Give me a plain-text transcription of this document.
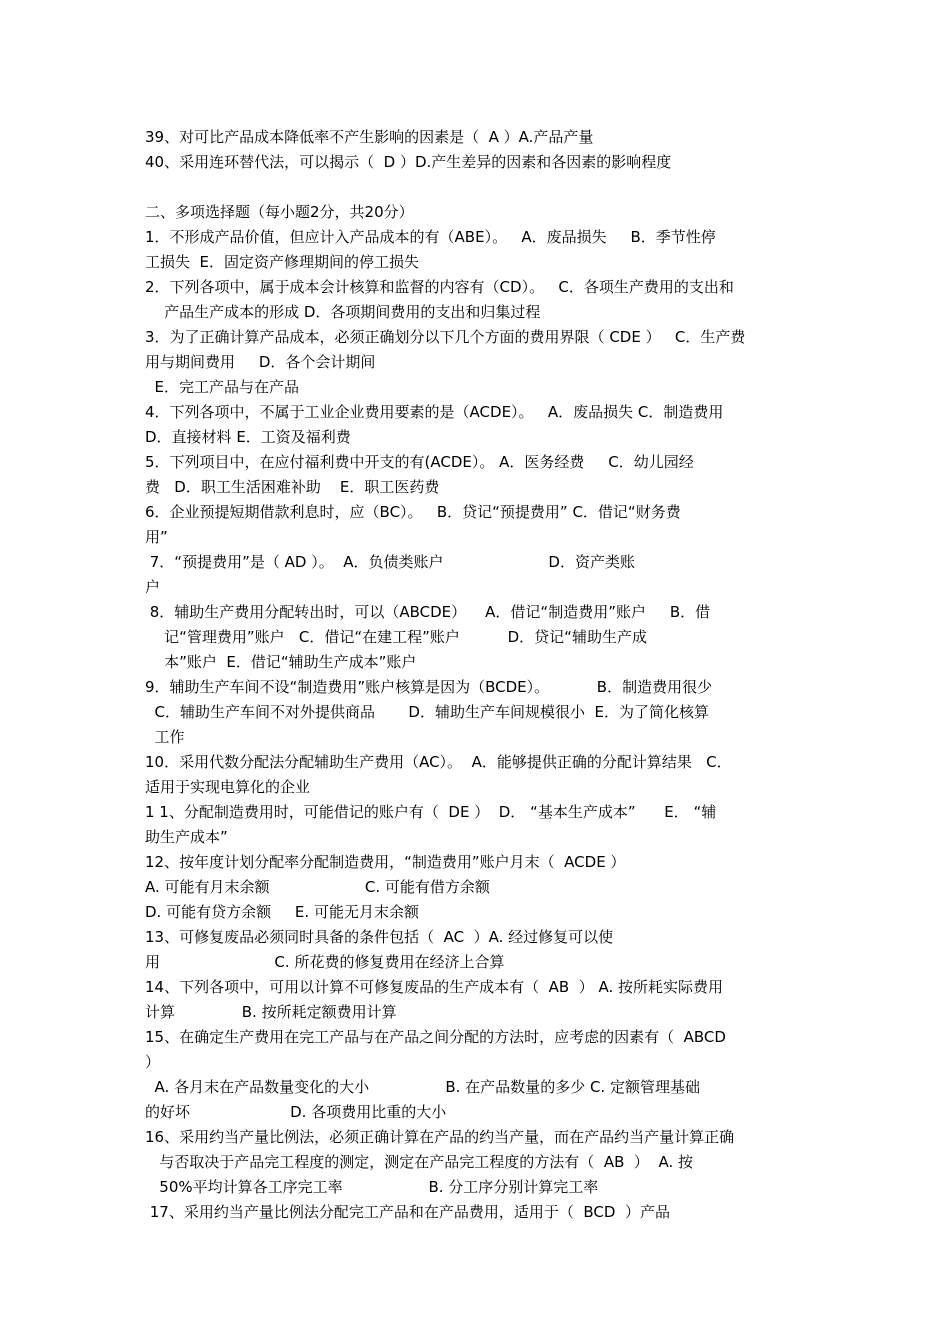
39、对可比产品成本降低率不产生影响的因素是（  A ）A.产品产量
40、采用连环替代法，可以揭示（  D ）D.产生差异的因素和各因素的影响程度
二、多项选择题（每小题2分，共20分）
1．不形成产品价值，但应计入产品成本的有（ABE）。   A．废品损失     B．季节性停
工损失  E．固定资产修理期间的停工损失
2．下列各项中，属于成本会计核算和监督的内容有（CD）。   C．各项生产费用的支出和
产品生产成本的形成 D．各项期间费用的支出和归集过程
3．为了正确计算产品成本，必须正确划分以下几个方面的费用界限（ CDE ）   C．生产费
用与期间费用     D．各个会计期间
E．完工产品与在产品
4．下列各项中，不属于工业企业费用要素的是（ACDE）。   A．废品损失 C．制造费用
D．直接材料 E．工资及福利费
5．下列项目中，在应付福利费中开支的有(ACDE）。 A．医务经费     C．幼儿园经
费   D．职工生活困难补助    E．职工医药费
6．企业预提短期借款利息时，应（BC）。   B．贷记“预提费用” C．借记“财务费
用”
7．“预提费用”是（ AD ）。  A．负债类账户                      D．资产类账
户
8．辅助生产费用分配转出时，可以（ABCDE）    A．借记“制造费用”账户     B．借
记“管理费用”账户   C．借记“在建工程”账户          D．贷记“辅助生产成
本”账户  E．借记“辅助生产成本”账户
9．辅助生产车间不设“制造费用”账户核算是因为（BCDE）。          B．制造费用很少
C．辅助生产车间不对外提供商品       D．辅助生产车间规模很小  E．为了简化核算
工作
10．采用代数分配法分配辅助生产费用（AC）。  A．能够提供正确的分配计算结果   C．
适用于实现电算化的企业
1 1、分配制造费用时，可能借记的账户有（  DE ）  D． “基本生产成本”      E． “辅
助生产成本”
12、按年度计划分配率分配制造费用，“制造费用”账户月末（  ACDE ）
A. 可能有月末余额                    C. 可能有借方余额
D. 可能有贷方余额     E. 可能无月末余额
13、可修复废品必须同时具备的条件包括（  AC  ）A. 经过修复可以使
用                        C. 所花费的修复费用在经济上合算
14、下列各项中，可用以计算不可修复废品的生产成本有（  AB  ） A. 按所耗实际费用
计算              B. 按所耗定额费用计算
15、在确定生产费用在完工产品与在产品之间分配的方法时，应考虑的因素有（  ABCD
）
A. 各月末在产品数量变化的大小                B. 在产品数量的多少 C. 定额管理基础
的好坏                     D. 各项费用比重的大小
16、采用约当产量比例法，必须正确计算在产品的约当产量，而在产品约当产量计算正确
与否取决于产品完工程度的测定，测定在产品完工程度的方法有（  AB  ）  A. 按
50%平均计算各工序完工率                  B. 分工序分别计算完工率
17、采用约当产量比例法分配完工产品和在产品费用，适用于（  BCD  ）产品
